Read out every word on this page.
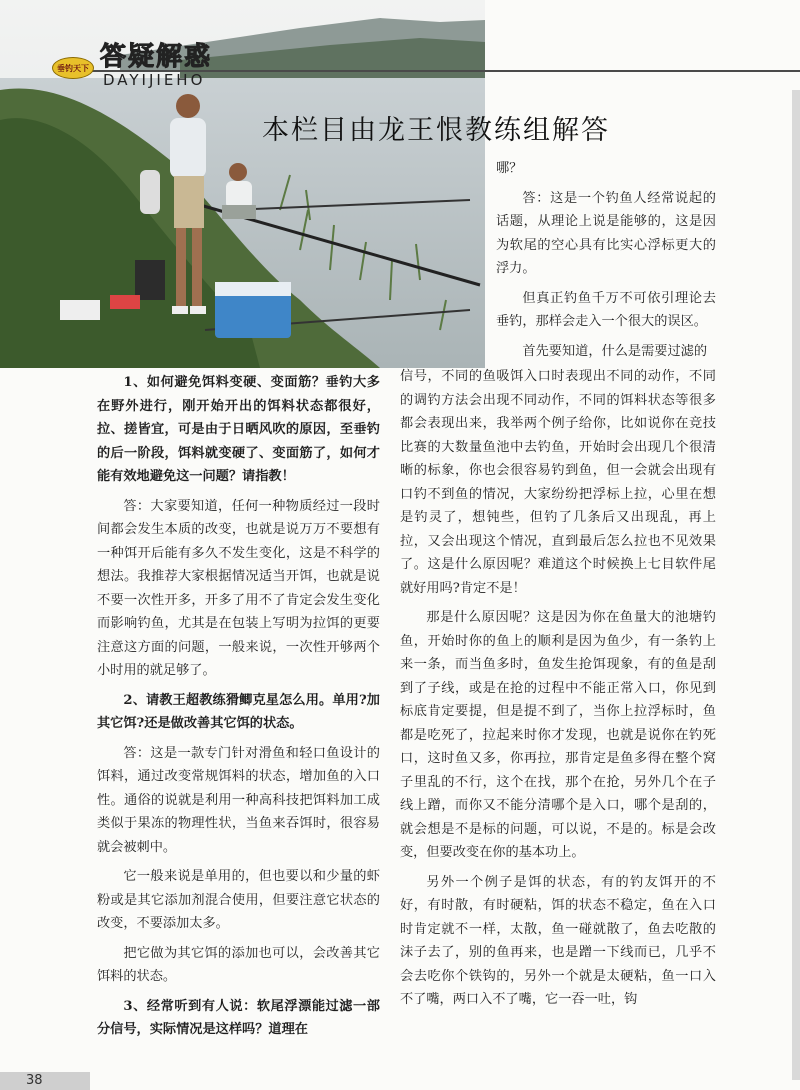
垂钓天下 答疑解惑
DAYIJIEHO
本栏目由龙王恨教练组解答

1、如何避免饵料变硬、变面筋？垂钓大多在野外进行，刚开始开出的饵料状态都很好，拉、搓皆宜，可是由于日晒风吹的原因，至垂钓的后一阶段，饵料就变硬了、变面筋了，如何才能有效地避免这一问题？请指教！

答：大家要知道，任何一种物质经过一段时间都会发生本质的改变，也就是说万万不要想有一种饵开后能有多久不发生变化，这是不科学的想法。我推荐大家根据情况适当开饵，也就是说不要一次性开多，开多了用不了肯定会发生变化而影响钓鱼，尤其是在包装上写明为拉饵的更要注意这方面的问题，一般来说，一次性开够两个小时用的就足够了。

2、请教王超教练猾鲫克星怎么用。单用?加其它饵?还是做改善其它饵的状态。

答：这是一款专门针对滑鱼和轻口鱼设计的饵料，通过改变常规饵料的状态，增加鱼的入口性。通俗的说就是利用一种高科技把饵料加工成类似于果冻的物理性状，当鱼来吞饵时，很容易就会被刺中。

它一般来说是单用的，但也要以和少量的虾粉或是其它添加剂混合使用，但要注意它状态的改变，不要添加太多。

把它做为其它饵的添加也可以，会改善其它饵料的状态。

3、经常听到有人说：软尾浮漂能过滤一部分信号，实际情况是这样吗？道理在

哪？

答：这是一个钓鱼人经常说起的话题，从理论上说是能够的，这是因为软尾的空心具有比实心浮标更大的浮力。

但真正钓鱼千万不可依引理论去垂钓，那样会走入一个很大的误区。

首先要知道，什么是需要过滤的

信号，不同的鱼吸饵入口时表现出不同的动作，不同的调钓方法会出现不同动作，不同的饵料状态等很多都会表现出来，我举两个例子给你，比如说你在竞技比赛的大数量鱼池中去钓鱼，开始时会出现几个很清晰的标象，你也会很容易钓到鱼，但一会就会出现有口钓不到鱼的情况，大家纷纷把浮标上拉，心里在想是钓灵了，想钝些，但钓了几条后又出现乱，再上拉，又会出现这个情况，直到最后怎么拉也不见效果了。这是什么原因呢？难道这个时候换上七目软件尾就好用吗?肯定不是！

那是什么原因呢？这是因为你在鱼量大的池塘钓鱼，开始时你的鱼上的顺利是因为鱼少，有一条钓上来一条，而当鱼多时，鱼发生抢饵现象，有的鱼是刮到了子线，或是在抢的过程中不能正常入口，你见到标底肯定要提，但是提不到了，当你上拉浮标时，鱼都是吃死了，拉起来时你才发现，也就是说你在钓死口，这时鱼又多，你再拉，那肯定是鱼多得在整个窝子里乱的不行，这个在找，那个在抢，另外几个在子线上蹭，而你又不能分清哪个是入口，哪个是刮的，就会想是不是标的问题，可以说，不是的。标是会改变，但要改变在你的基本功上。

另外一个例子是饵的状态，有的钓友饵开的不好，有时散，有时硬粘，饵的状态不稳定，鱼在入口时肯定就不一样，太散，鱼一碰就散了，鱼去吃散的沫子去了，别的鱼再来，也是蹭一下线而已，几乎不会去吃你个铁钩的，另外一个就是太硬粘，鱼一口入不了嘴，两口入不了嘴，它一吞一吐，钩

38
